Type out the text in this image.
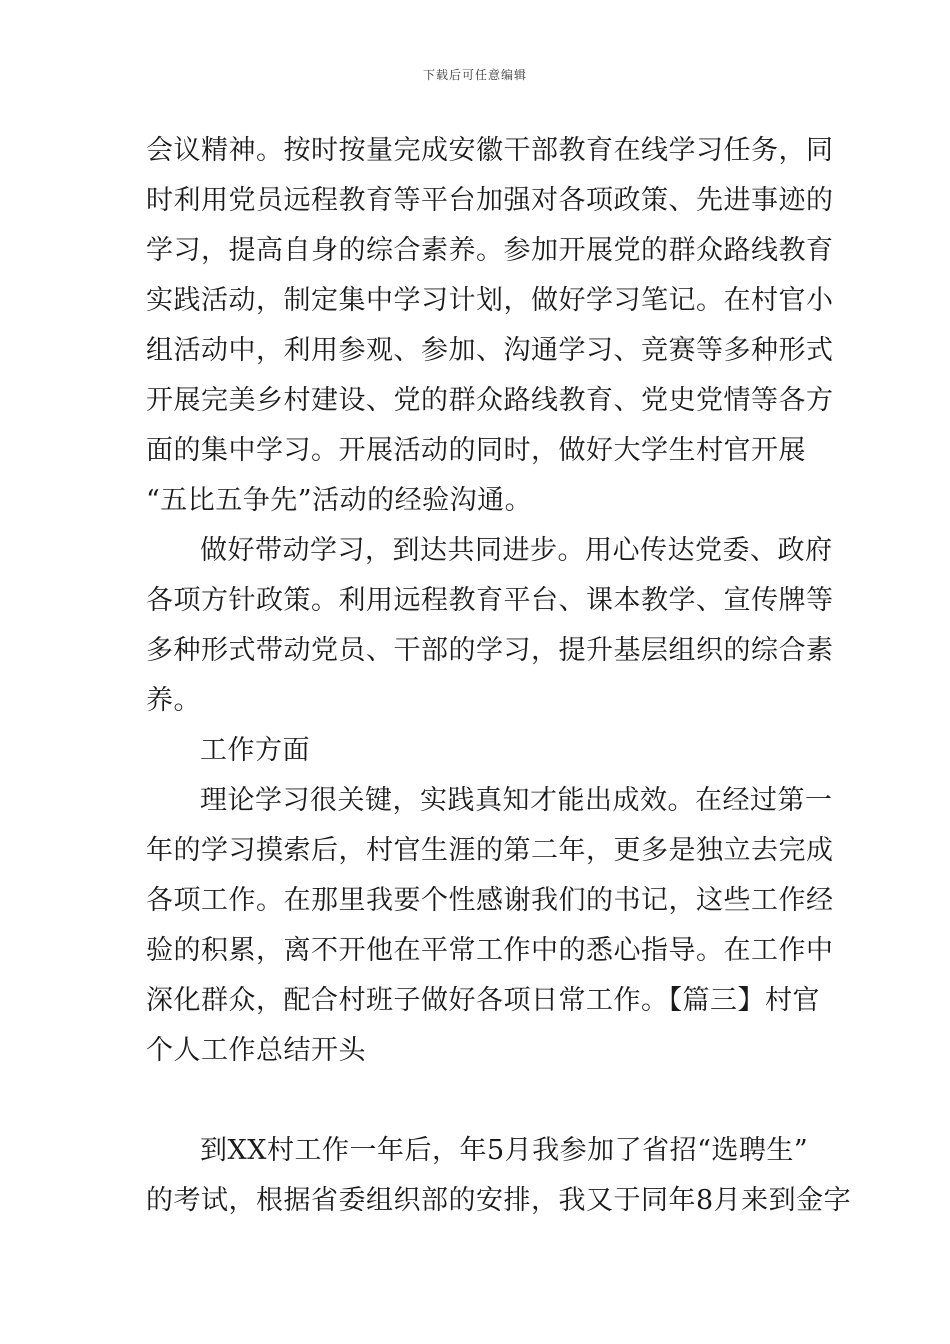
下载后可任意编辑
会议精神。按时按量完成安徽干部教育在线学习任务，同
时利用党员远程教育等平台加强对各项政策、先进事迹的
学习，提高自身的综合素养。参加开展党的群众路线教育
实践活动，制定集中学习计划，做好学习笔记。在村官小
组活动中，利用参观、参加、沟通学习、竞赛等多种形式
开展完美乡村建设、党的群众路线教育、党史党情等各方
面的集中学习。开展活动的同时，做好大学生村官开展
“五比五争先”活动的经验沟通。
做好带动学习，到达共同进步。用心传达党委、政府
各项方针政策。利用远程教育平台、课本教学、宣传牌等
多种形式带动党员、干部的学习，提升基层组织的综合素
养。
工作方面
理论学习很关键，实践真知才能出成效。在经过第一
年的学习摸索后，村官生涯的第二年，更多是独立去完成
各项工作。在那里我要个性感谢我们的书记，这些工作经
验的积累，离不开他在平常工作中的悉心指导。在工作中
深化群众，配合村班子做好各项日常工作。【篇三】村官
个人工作总结开头
到XX村工作一年后，年5月我参加了省招“选聘生”
的考试，根据省委组织部的安排，我又于同年8月来到金字
